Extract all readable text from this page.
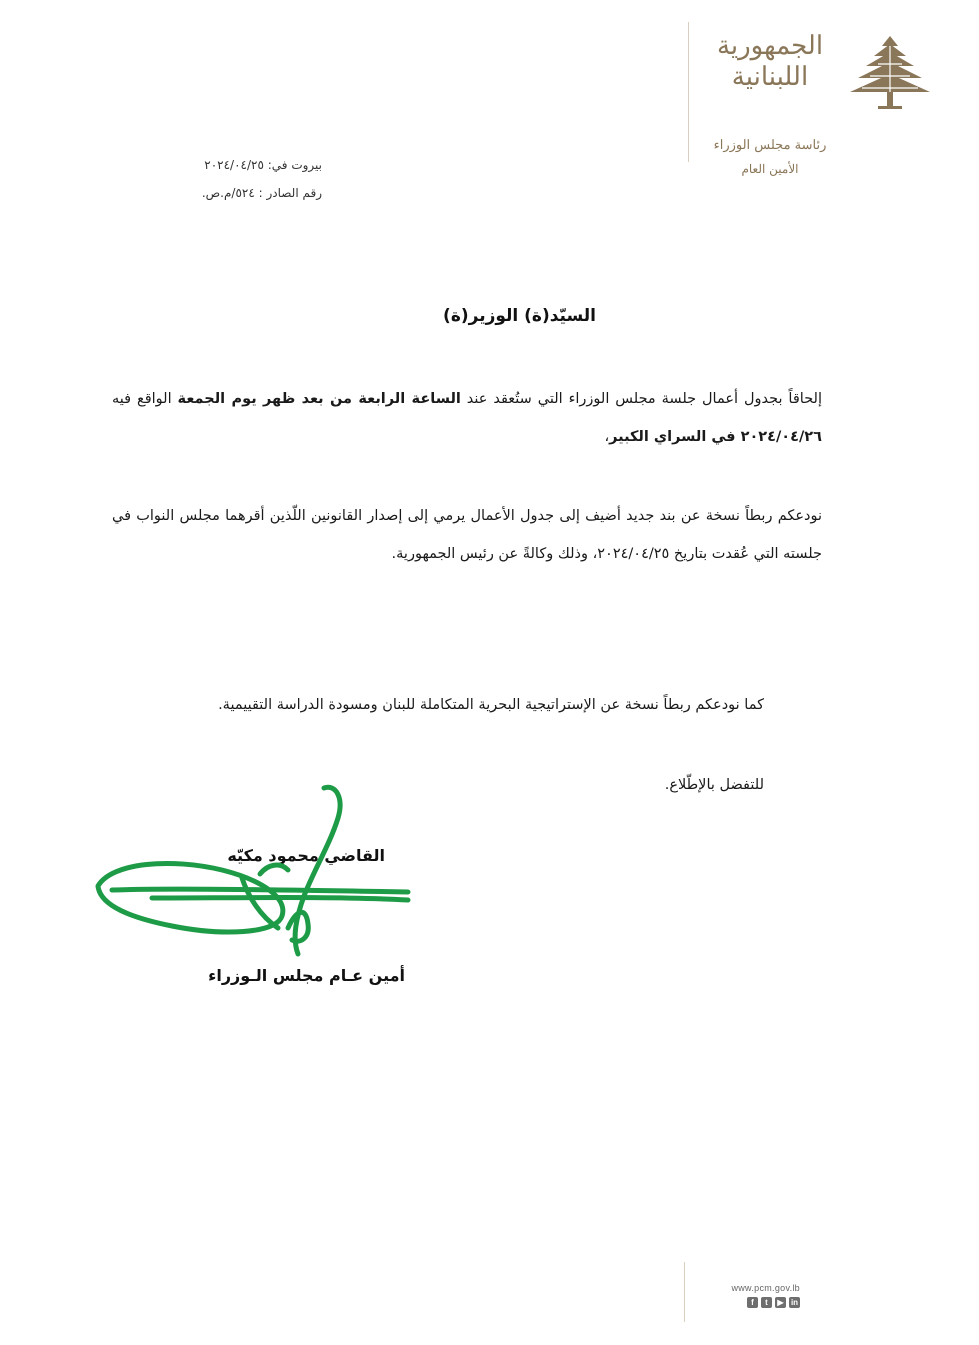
الجمهورية
اللبنانية
رئاسة مجلس الوزراء
الأمين العام
بيروت في: ٢٠٢٤/٠٤/٢٥
رقم الصادر : ٥٢٤/م.ص.
السيّد(ة) الوزير(ة)
إلحاقاً بجدول أعمال جلسة مجلس الوزراء التي ستُعقد عند الساعة الرابعة من بعد ظهر يوم الجمعة الواقع فيه ٢٠٢٤/٠٤/٢٦ في السراي الكبير،
نودعكم ربطاً نسخة عن بند جديد أضيف إلى جدول الأعمال يرمي إلى إصدار القانونين اللّذين أقرهما مجلس النواب في جلسته التي عُقدت بتاريخ ٢٠٢٤/٠٤/٢٥، وذلك وكالةً عن رئيس الجمهورية.
كما نودعكم ربطاً نسخة عن الإستراتيجية البحرية المتكاملة للبنان ومسودة الدراسة التقييمية.
للتفضل بالإطّلاع.
القاضي محمود مكيّه
أمين عـام مجلس الـوزراء
www.pcm.gov.lb
f	t	▶ in
